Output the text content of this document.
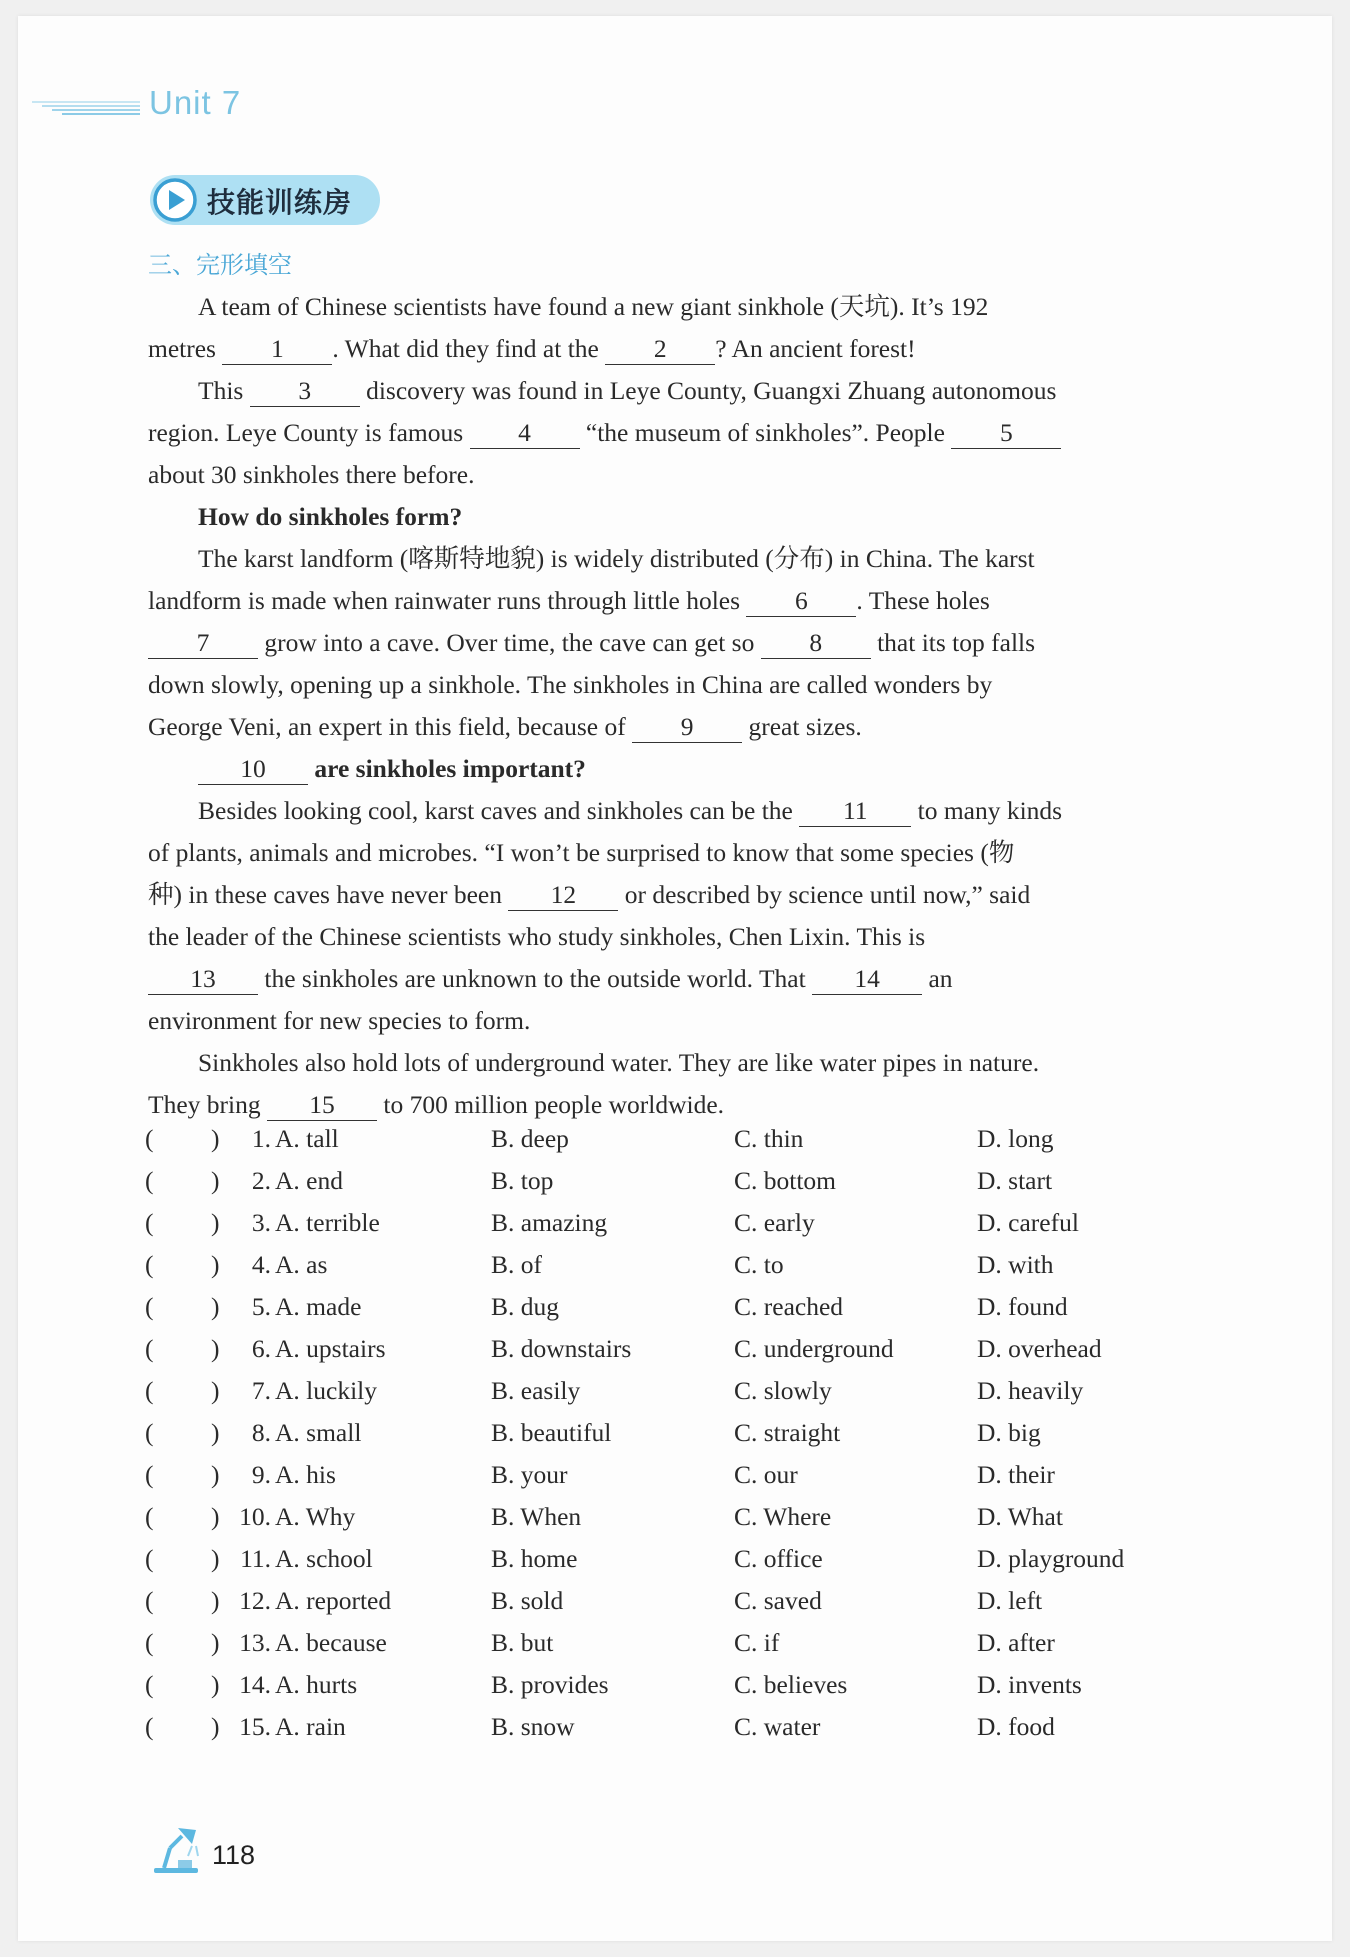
Unit 7
技能训练房
三、完形填空

A team of Chinese scientists have found a new giant sinkhole (天坑). It’s 192
metres 1 . What did they find at the 2 ? An ancient forest!

This 3 discovery was found in Leye County, Guangxi Zhuang autonomous
region. Leye County is famous 4 “the museum of sinkholes”. People 5
about 30 sinkholes there before.

How do sinkholes form?

The karst landform (喀斯特地貌) is widely distributed (分布) in China. The karst
landform is made when rainwater runs through little holes 6 . These holes
7 grow into a cave. Over time, the cave can get so 8 that its top falls
down slowly, opening up a sinkhole. The sinkholes in China are called wonders by
George Veni, an expert in this field, because of 9 great sizes.

10 are sinkholes important?

Besides looking cool, karst caves and sinkholes can be the 11 to many kinds
of plants, animals and microbes. “I won’t be surprised to know that some species (物
种) in these caves have never been 12 or described by science until now,” said
the leader of the Chinese scientists who study sinkholes, Chen Lixin. This is
13 the sinkholes are unknown to the outside world. That 14 an
environment for new species to form.

Sinkholes also hold lots of underground water. They are like water pipes in nature.
They bring 15 to 700 million people worldwide.

( )	1. A. tall	B. deep	C. thin	D. long
( )	2. A. end	B. top	C. bottom	D. start
( )	3. A. terrible	B. amazing	C. early	D. careful
( )	4. A. as	B. of	C. to	D. with
( )	5. A. made	B. dug	C. reached	D. found
( )	6. A. upstairs	B. downstairs	C. underground	D. overhead
( )	7. A. luckily	B. easily	C. slowly	D. heavily
( )	8. A. small	B. beautiful	C. straight	D. big
( )	9. A. his	B. your	C. our	D. their
( ) 10. A. Why	B. When	C. Where	D. What
( ) 11. A. school	B. home	C. office	D. playground
( ) 12. A. reported	B. sold	C. saved	D. left
( ) 13. A. because	B. but	C. if	D. after
( ) 14. A. hurts	B. provides	C. believes	D. invents
( ) 15. A. rain	B. snow	C. water	D. food
118
